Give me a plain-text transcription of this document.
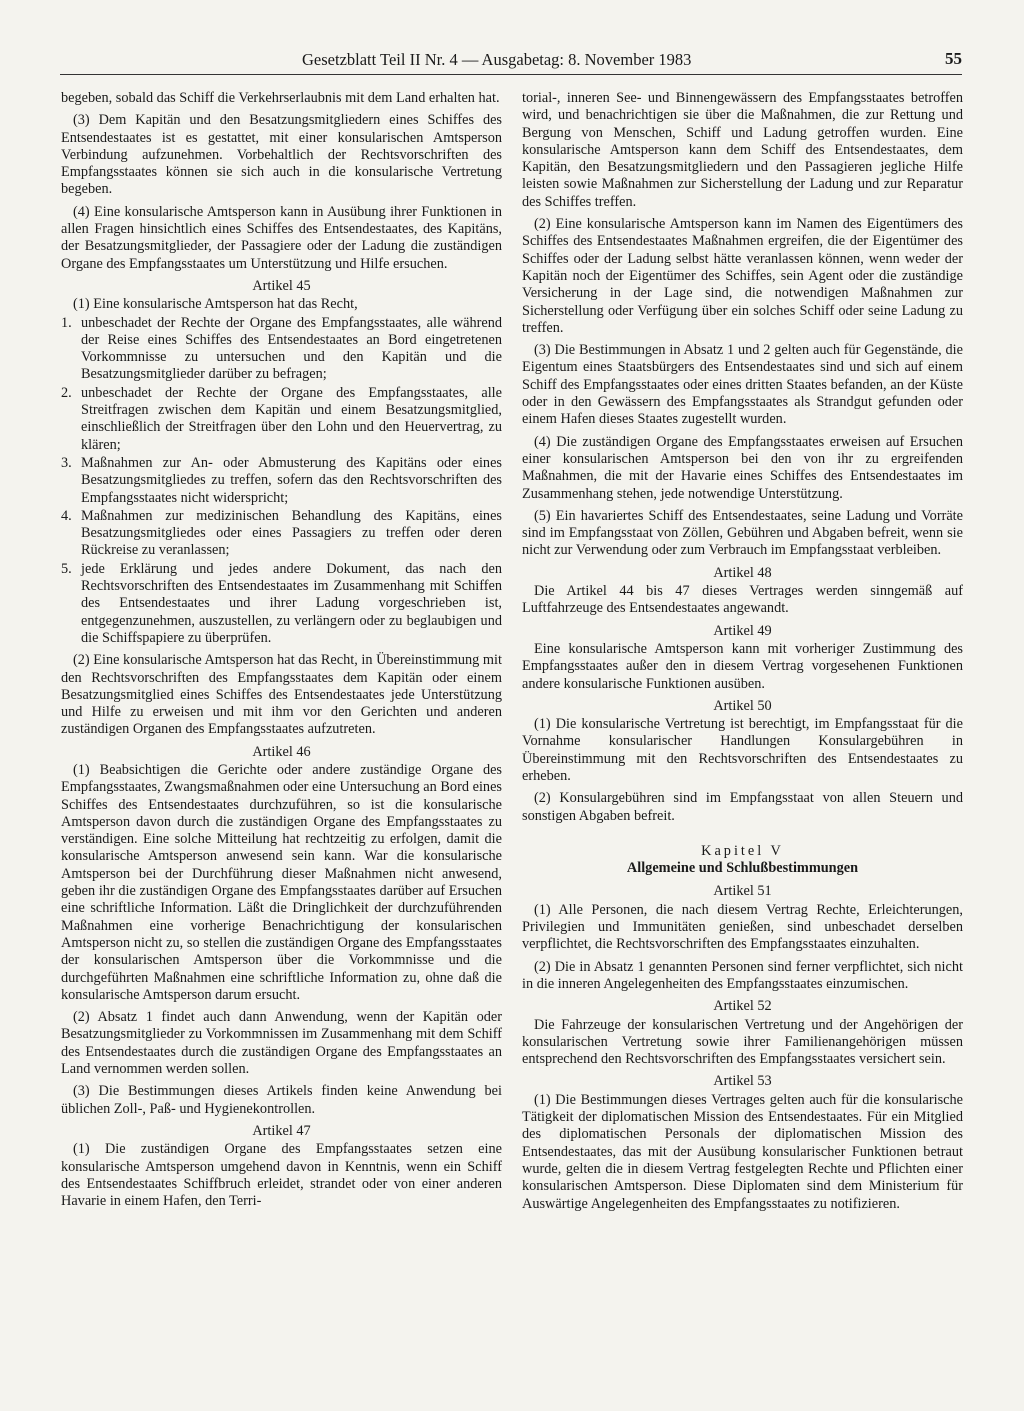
Gesetzblatt Teil II Nr. 4 — Ausgabetag: 8. November 1983	55

begeben, sobald das Schiff die Verkehrserlaubnis mit dem Land erhalten hat.

(3) Dem Kapitän und den Besatzungsmitgliedern eines Schiffes des Entsendestaates ist es gestattet, mit einer konsularischen Amtsperson Verbindung aufzunehmen. Vorbehaltlich der Rechtsvorschriften des Empfangsstaates können sie sich auch in die konsularische Vertretung begeben.

(4) Eine konsularische Amtsperson kann in Ausübung ihrer Funktionen in allen Fragen hinsichtlich eines Schiffes des Entsendestaates, des Kapitäns, der Besatzungsmitglieder, der Passagiere oder der Ladung die zuständigen Organe des Empfangsstaates um Unterstützung und Hilfe ersuchen.

Artikel 45

(1) Eine konsularische Amtsperson hat das Recht,

1. unbeschadet der Rechte der Organe des Empfangsstaates, alle während der Reise eines Schiffes des Entsendestaates an Bord eingetretenen Vorkommnisse zu untersuchen und den Kapitän und die Besatzungsmitglieder darüber zu befragen;
2. unbeschadet der Rechte der Organe des Empfangsstaates, alle Streitfragen zwischen dem Kapitän und einem Besatzungsmitglied, einschließlich der Streitfragen über den Lohn und den Heuervertrag, zu klären;
3. Maßnahmen zur An- oder Abmusterung des Kapitäns oder eines Besatzungsmitgliedes zu treffen, sofern das den Rechtsvorschriften des Empfangsstaates nicht widerspricht;
4. Maßnahmen zur medizinischen Behandlung des Kapitäns, eines Besatzungsmitgliedes oder eines Passagiers zu treffen oder deren Rückreise zu veranlassen;
5. jede Erklärung und jedes andere Dokument, das nach den Rechtsvorschriften des Entsendestaates im Zusammenhang mit Schiffen des Entsendestaates und ihrer Ladung vorgeschrieben ist, entgegenzunehmen, auszustellen, zu verlängern oder zu beglaubigen und die Schiffspapiere zu überprüfen.

(2) Eine konsularische Amtsperson hat das Recht, in Übereinstimmung mit den Rechtsvorschriften des Empfangsstaates dem Kapitän oder einem Besatzungsmitglied eines Schiffes des Entsendestaates jede Unterstützung und Hilfe zu erweisen und mit ihm vor den Gerichten und anderen zuständigen Organen des Empfangsstaates aufzutreten.

Artikel 46

(1) Beabsichtigen die Gerichte oder andere zuständige Organe des Empfangsstaates, Zwangsmaßnahmen oder eine Untersuchung an Bord eines Schiffes des Entsendestaates durchzuführen, so ist die konsularische Amtsperson davon durch die zuständigen Organe des Empfangsstaates zu verständigen. Eine solche Mitteilung hat rechtzeitig zu erfolgen, damit die konsularische Amtsperson anwesend sein kann. War die konsularische Amtsperson bei der Durchführung dieser Maßnahmen nicht anwesend, geben ihr die zuständigen Organe des Empfangsstaates darüber auf Ersuchen eine schriftliche Information. Läßt die Dringlichkeit der durchzuführenden Maßnahmen eine vorherige Benachrichtigung der konsularischen Amtsperson nicht zu, so stellen die zuständigen Organe des Empfangsstaates der konsularischen Amtsperson über die Vorkommnisse und die durchgeführten Maßnahmen eine schriftliche Information zu, ohne daß die konsularische Amtsperson darum ersucht.

(2) Absatz 1 findet auch dann Anwendung, wenn der Kapitän oder Besatzungsmitglieder zu Vorkommnissen im Zusammenhang mit dem Schiff des Entsendestaates durch die zuständigen Organe des Empfangsstaates an Land vernommen werden sollen.

(3) Die Bestimmungen dieses Artikels finden keine Anwendung bei üblichen Zoll-, Paß- und Hygienekontrollen.

Artikel 47

(1) Die zuständigen Organe des Empfangsstaates setzen eine konsularische Amtsperson umgehend davon in Kenntnis, wenn ein Schiff des Entsendestaates Schiffbruch erleidet, strandet oder von einer anderen Havarie in einem Hafen, den Terri-

torial-, inneren See- und Binnengewässern des Empfangsstaates betroffen wird, und benachrichtigen sie über die Maßnahmen, die zur Rettung und Bergung von Menschen, Schiff und Ladung getroffen wurden. Eine konsularische Amtsperson kann dem Schiff des Entsendestaates, dem Kapitän, den Besatzungsmitgliedern und den Passagieren jegliche Hilfe leisten sowie Maßnahmen zur Sicherstellung der Ladung und zur Reparatur des Schiffes treffen.

(2) Eine konsularische Amtsperson kann im Namen des Eigentümers des Schiffes des Entsendestaates Maßnahmen ergreifen, die der Eigentümer des Schiffes oder der Ladung selbst hätte veranlassen können, wenn weder der Kapitän noch der Eigentümer des Schiffes, sein Agent oder die zuständige Versicherung in der Lage sind, die notwendigen Maßnahmen zur Sicherstellung oder Verfügung über ein solches Schiff oder seine Ladung zu treffen.

(3) Die Bestimmungen in Absatz 1 und 2 gelten auch für Gegenstände, die Eigentum eines Staatsbürgers des Entsendestaates sind und sich auf einem Schiff des Empfangsstaates oder eines dritten Staates befanden, an der Küste oder in den Gewässern des Empfangsstaates als Strandgut gefunden oder einem Hafen dieses Staates zugestellt wurden.

(4) Die zuständigen Organe des Empfangsstaates erweisen auf Ersuchen einer konsularischen Amtsperson bei den von ihr zu ergreifenden Maßnahmen, die mit der Havarie eines Schiffes des Entsendestaates im Zusammenhang stehen, jede notwendige Unterstützung.

(5) Ein havariertes Schiff des Entsendestaates, seine Ladung und Vorräte sind im Empfangsstaat von Zöllen, Gebühren und Abgaben befreit, wenn sie nicht zur Verwendung oder zum Verbrauch im Empfangsstaat verbleiben.

Artikel 48

Die Artikel 44 bis 47 dieses Vertrages werden sinngemäß auf Luftfahrzeuge des Entsendestaates angewandt.

Artikel 49

Eine konsularische Amtsperson kann mit vorheriger Zustimmung des Empfangsstaates außer den in diesem Vertrag vorgesehenen Funktionen andere konsularische Funktionen ausüben.

Artikel 50

(1) Die konsularische Vertretung ist berechtigt, im Empfangsstaat für die Vornahme konsularischer Handlungen Konsulargebühren in Übereinstimmung mit den Rechtsvorschriften des Entsendestaates zu erheben.

(2) Konsulargebühren sind im Empfangsstaat von allen Steuern und sonstigen Abgaben befreit.

Kapitel V
Allgemeine und Schlußbestimmungen
Artikel 51

(1) Alle Personen, die nach diesem Vertrag Rechte, Erleichterungen, Privilegien und Immunitäten genießen, sind unbeschadet derselben verpflichtet, die Rechtsvorschriften des Empfangsstaates einzuhalten.

(2) Die in Absatz 1 genannten Personen sind ferner verpflichtet, sich nicht in die inneren Angelegenheiten des Empfangsstaates einzumischen.

Artikel 52

Die Fahrzeuge der konsularischen Vertretung und der Angehörigen der konsularischen Vertretung sowie ihrer Familienangehörigen müssen entsprechend den Rechtsvorschriften des Empfangsstaates versichert sein.

Artikel 53

(1) Die Bestimmungen dieses Vertrages gelten auch für die konsularische Tätigkeit der diplomatischen Mission des Entsendestaates. Für ein Mitglied des diplomatischen Personals der diplomatischen Mission des Entsendestaates, das mit der Ausübung konsularischer Funktionen betraut wurde, gelten die in diesem Vertrag festgelegten Rechte und Pflichten einer konsularischen Amtsperson. Diese Diplomaten sind dem Ministerium für Auswärtige Angelegenheiten des Empfangsstaates zu notifizieren.
